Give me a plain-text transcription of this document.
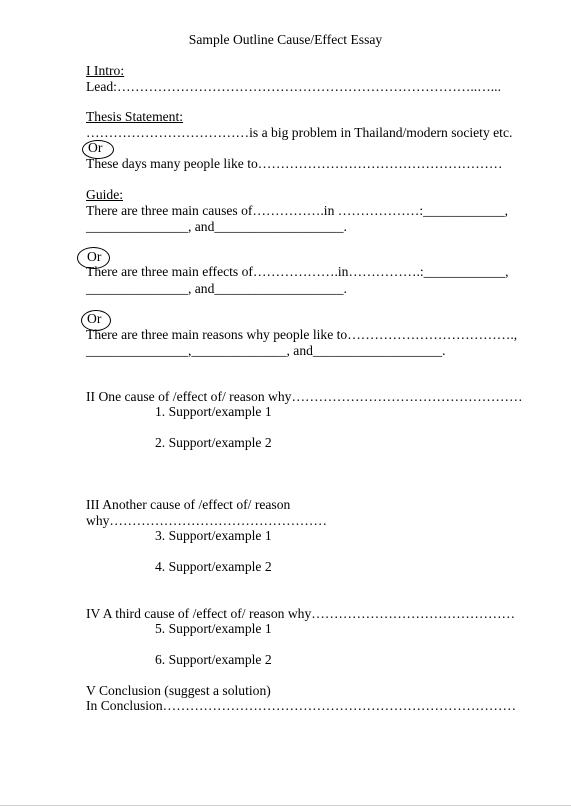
Sample Outline Cause/Effect Essay
I Intro:
Lead:……………………………………………………………………..…...
Thesis Statement:
………………………………is a big problem in Thailand/modern society etc.
Or
These days many people like to………………………………………………
Guide:
There are three main causes of…………….in ………………:____________,
_______________, and___________________.
Or
There are three main effects of……………….in…………….:____________,
_______________, and___________________.
Or
There are three main reasons why people like to……………………………….,
_______________,______________, and___________________.
II One cause of /effect of/ reason why……………………………………………
1. Support/example 1
2. Support/example 2
III Another cause of /effect of/ reason
why…………………………………………
3. Support/example 1
4. Support/example 2
IV A third cause of /effect of/ reason why………………………………………
5. Support/example 1
6. Support/example 2
V Conclusion (suggest a solution)
In Conclusion……………………………………………………………………
